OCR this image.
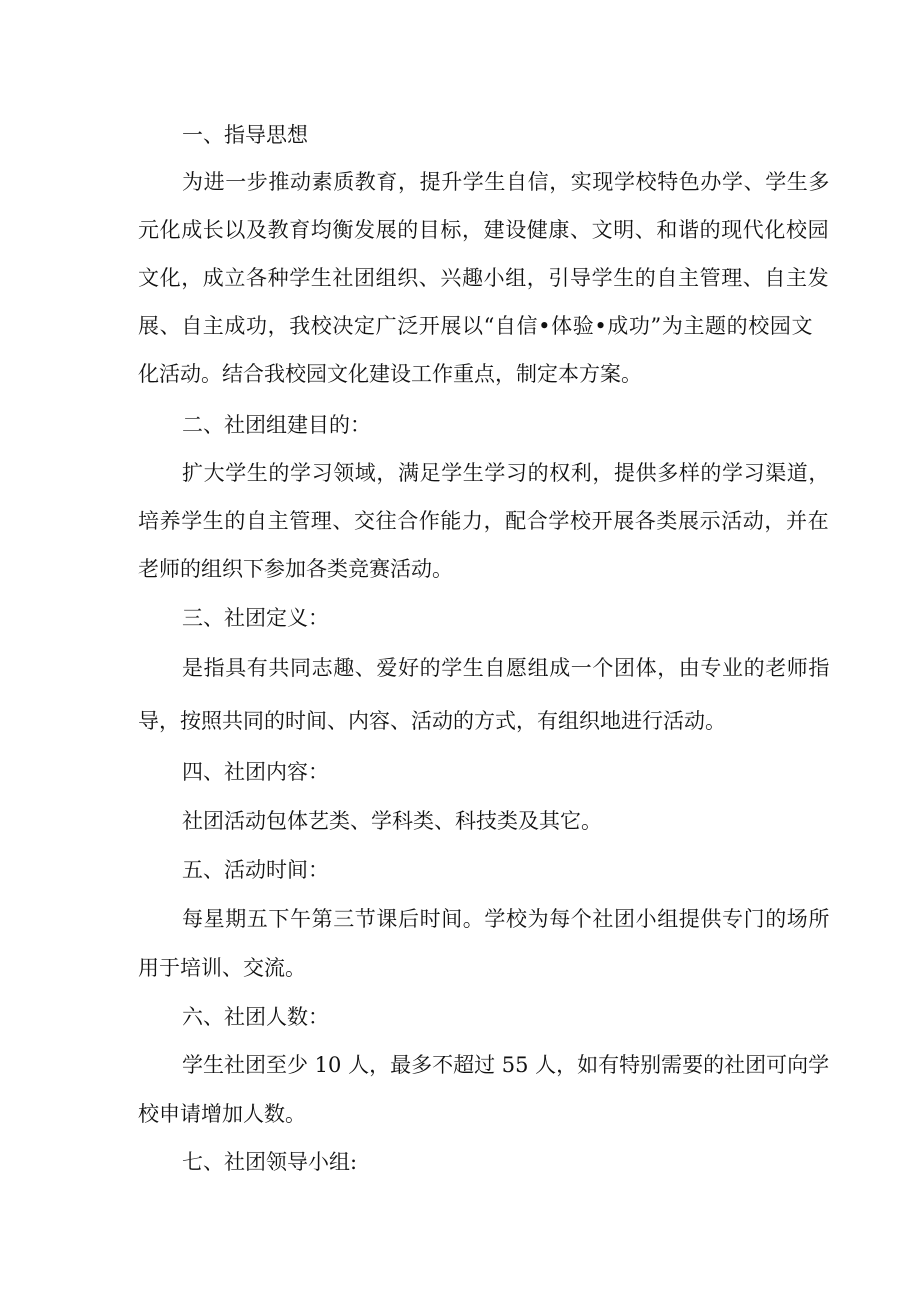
一、指导思想
为进一步推动素质教育，提升学生自信，实现学校特色办学、学生多
元化成长以及教育均衡发展的目标，建设健康、文明、和谐的现代化校园
文化，成立各种学生社团组织、兴趣小组，引导学生的自主管理、自主发
展、自主成功，我校决定广泛开展以“自信•体验•成功”为主题的校园文
化活动。结合我校园文化建设工作重点，制定本方案。
二、社团组建目的：
扩大学生的学习领域，满足学生学习的权利，提供多样的学习渠道，
培养学生的自主管理、交往合作能力，配合学校开展各类展示活动，并在
老师的组织下参加各类竞赛活动。
三、社团定义：
是指具有共同志趣、爱好的学生自愿组成一个团体，由专业的老师指
导，按照共同的时间、内容、活动的方式，有组织地进行活动。
四、社团内容：
社团活动包体艺类、学科类、科技类及其它。
五、活动时间：
每星期五下午第三节课后时间。学校为每个社团小组提供专门的场所
用于培训、交流。
六、社团人数：
学生社团至少 10 人，最多不超过 55 人，如有特别需要的社团可向学
校申请增加人数。
七、社团领导小组:
